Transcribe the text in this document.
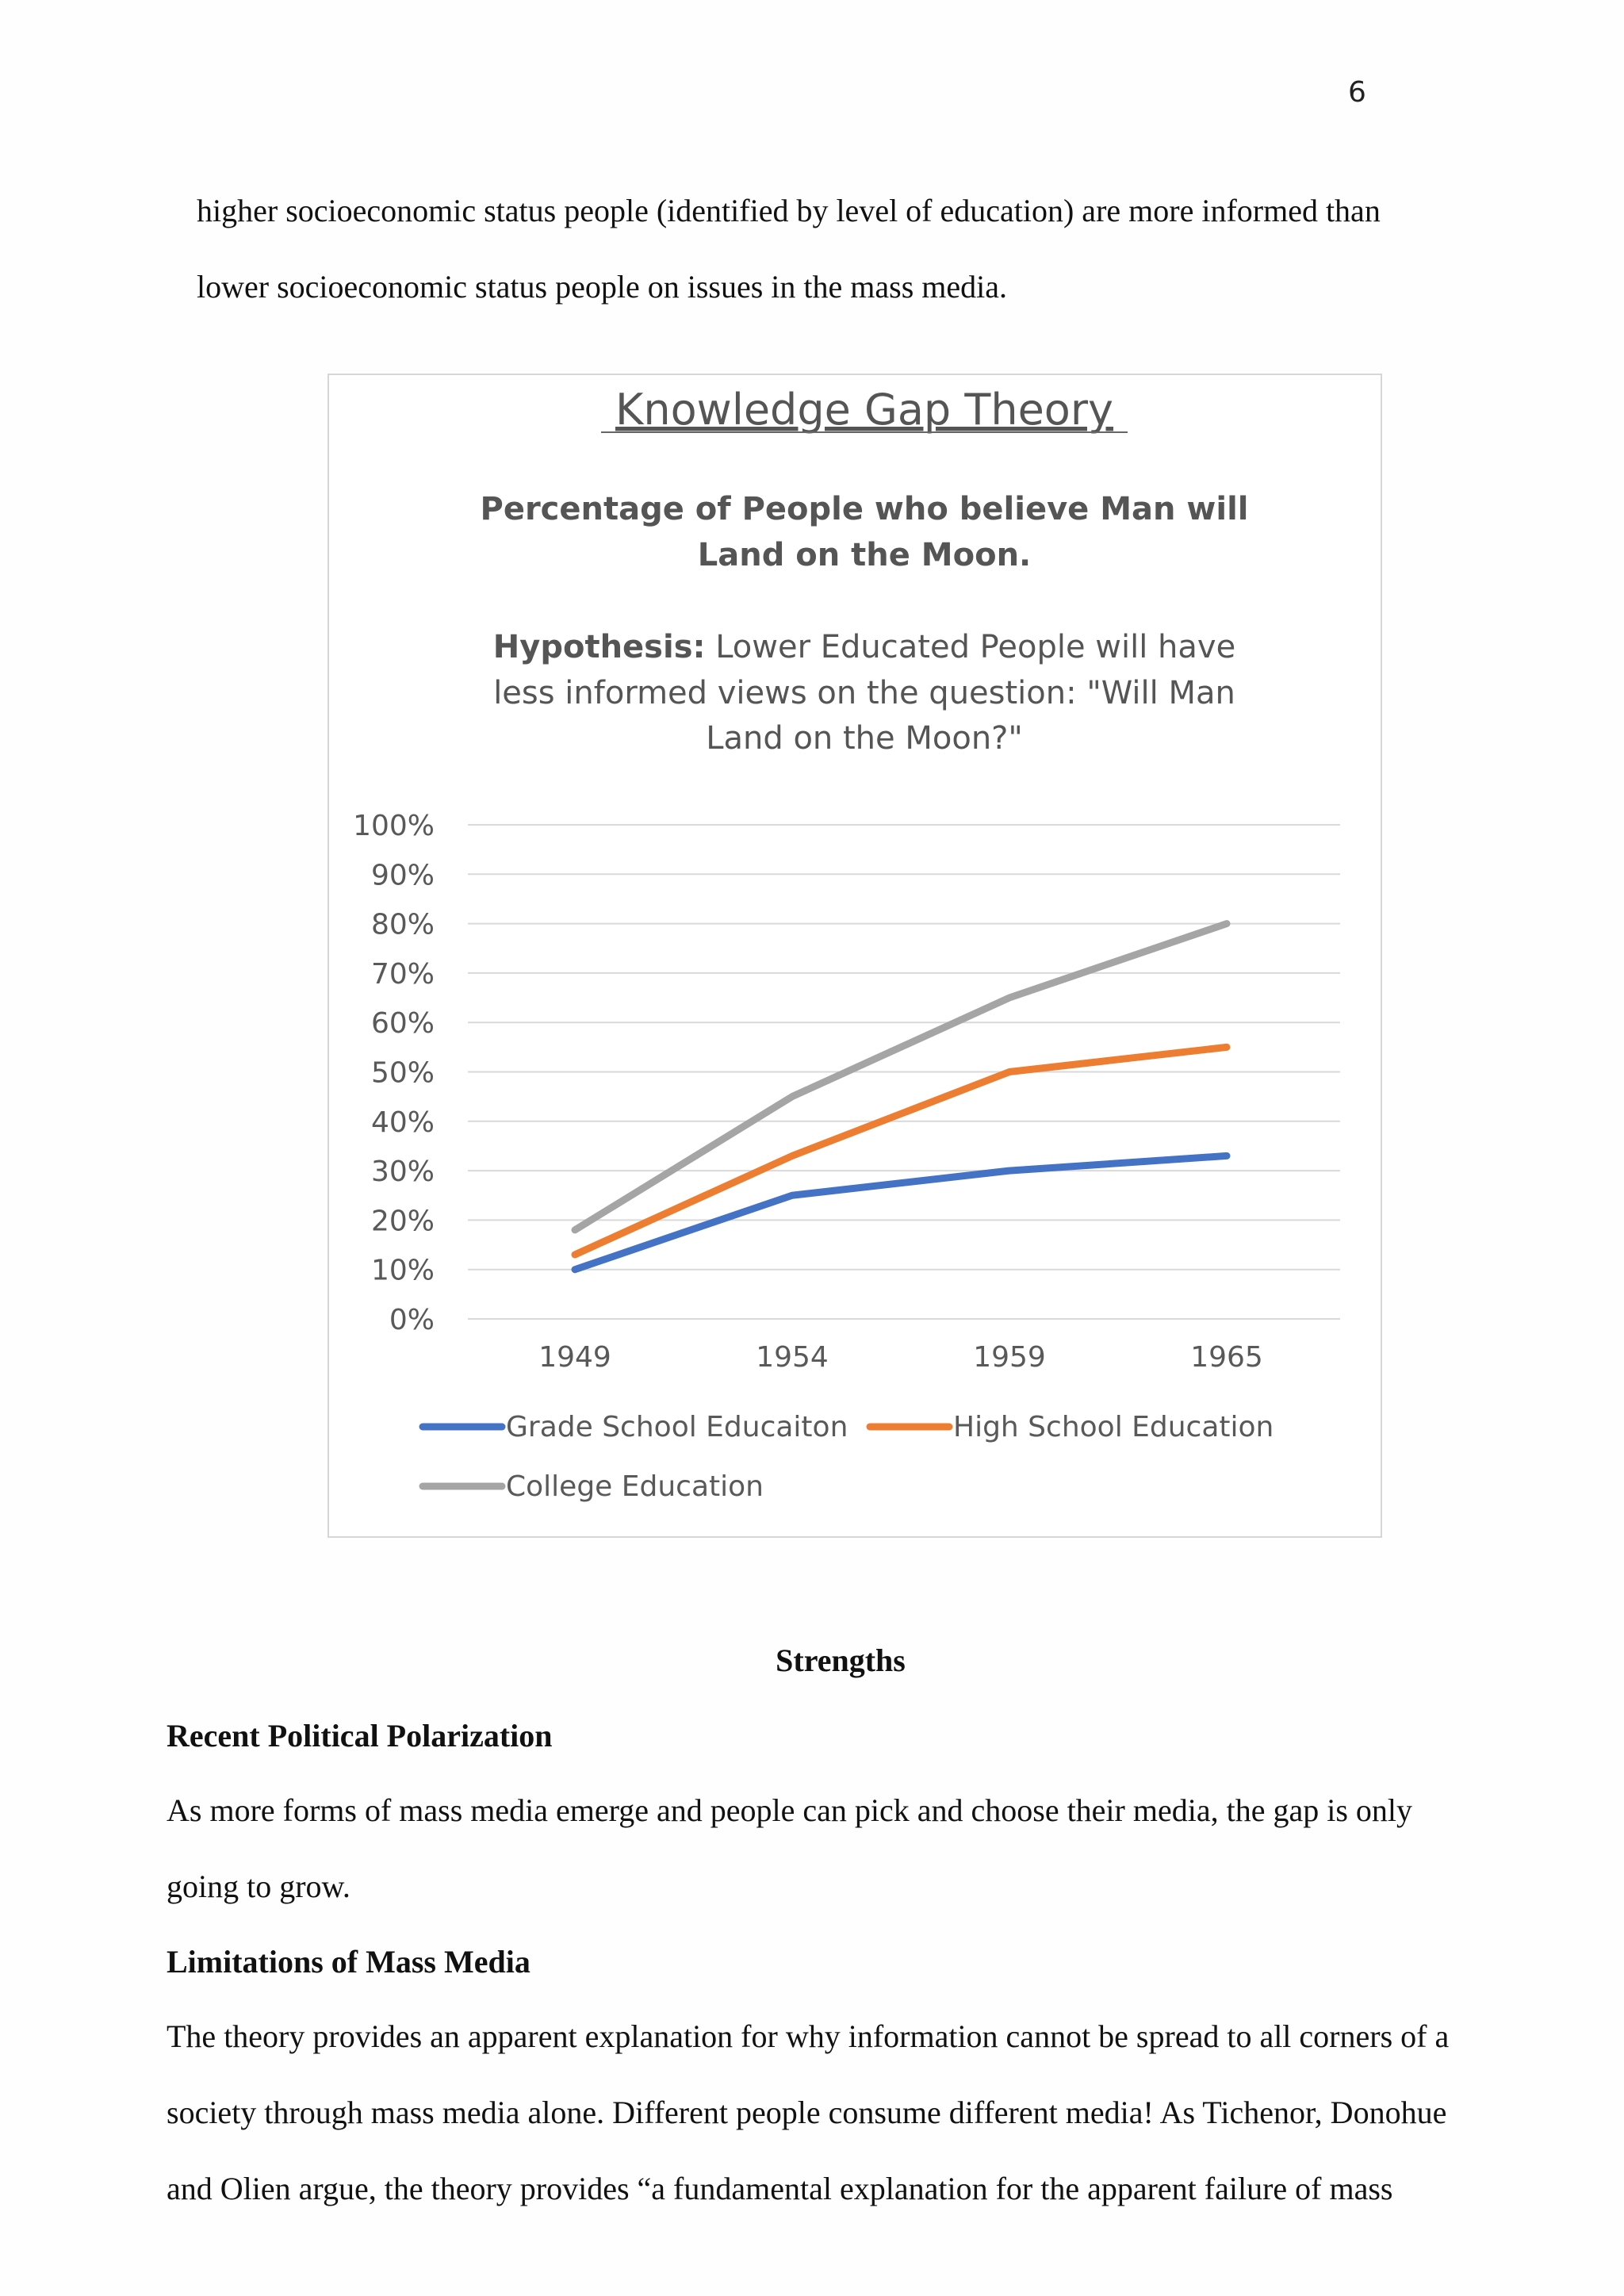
6

higher socioeconomic status people (identified by level of education) are more informed than
lower socioeconomic status people on issues in the mass media.

Knowledge Gap Theory
Percentage of People who believe Man will
Land on the Moon.
Hypothesis: Lower Educated People will have
less informed views on the question: "Will Man
Land on the Moon?"
0%
10%
20%
30%
40%
50%
60%
70%
80%
90%
100%
1949	1954	1959	1965
Grade School Educaiton	High School Education
College Education
Strengths
Recent Political Polarization

As more forms of mass media emerge and people can pick and choose their media, the gap is only
going to grow.

Limitations of Mass Media

The theory provides an apparent explanation for why information cannot be spread to all corners of a
society through mass media alone. Different people consume different media! As Tichenor, Donohue
and Olien argue, the theory provides “a fundamental explanation for the apparent failure of mass
